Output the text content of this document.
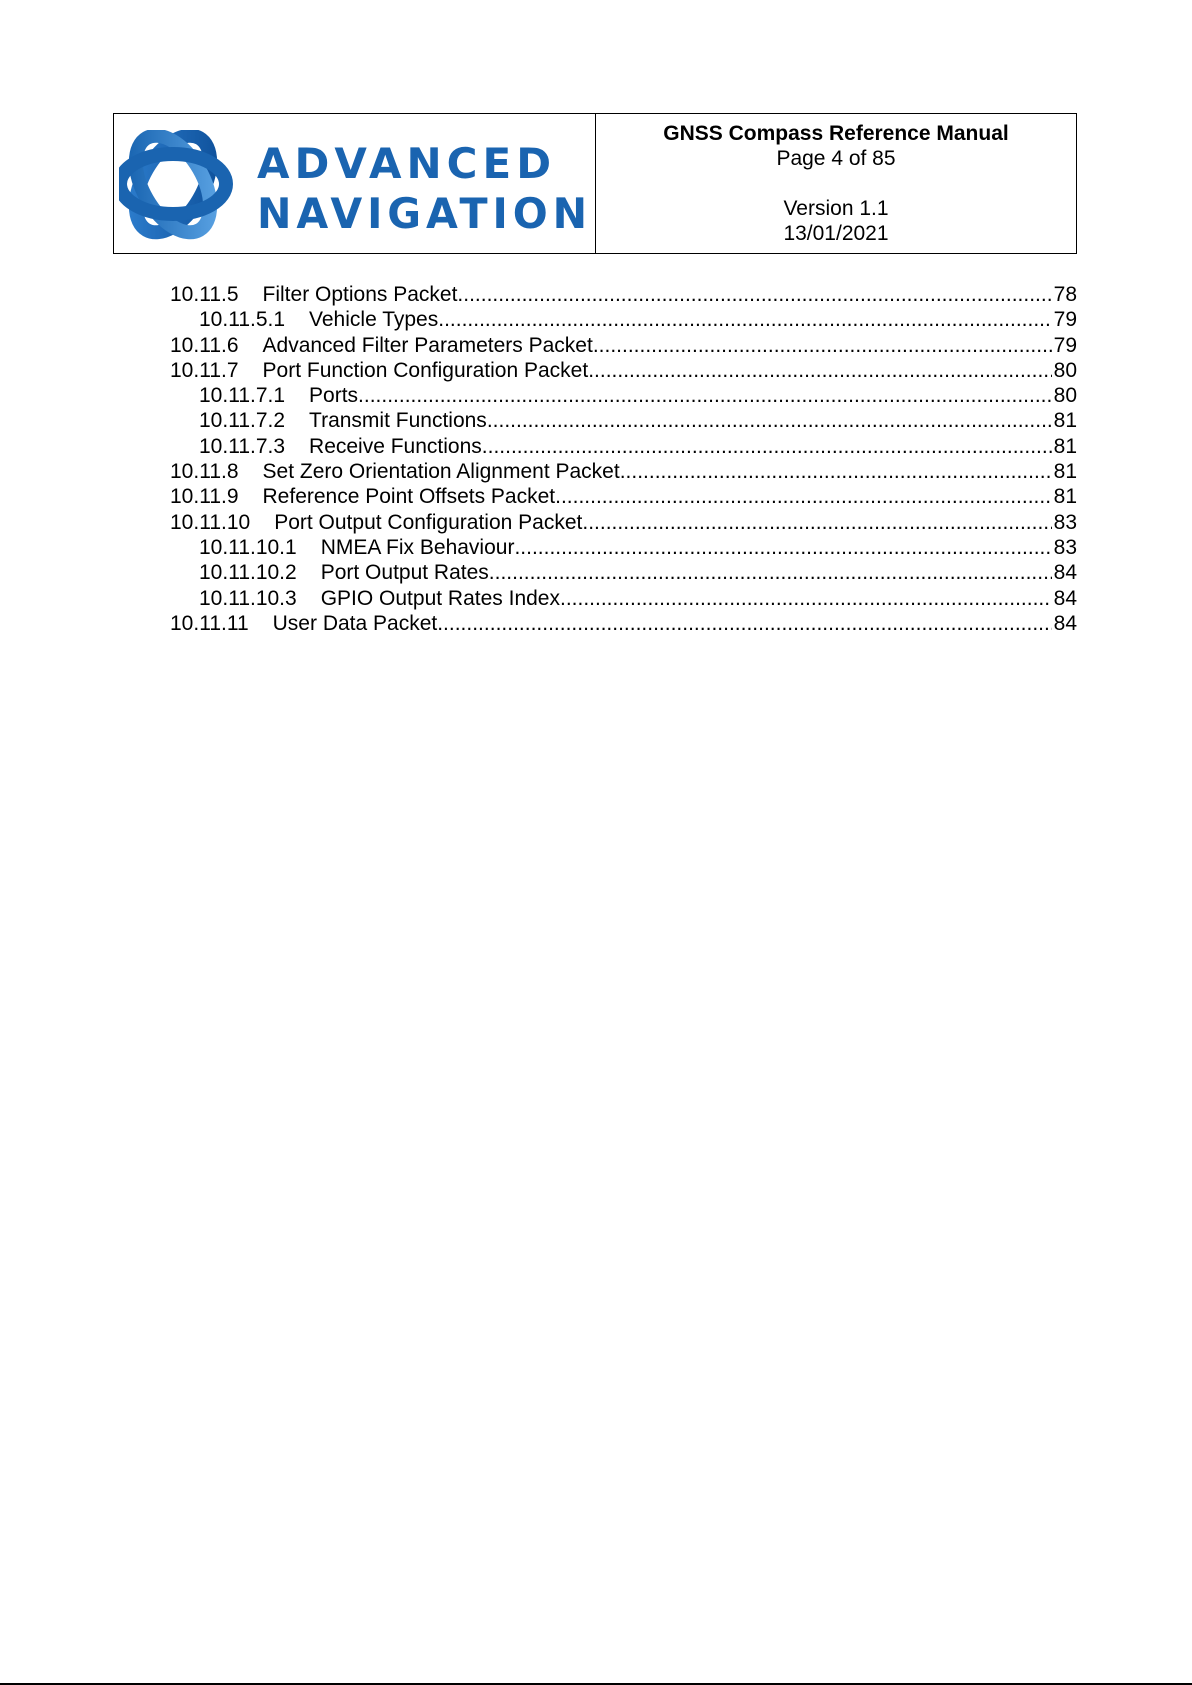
ADVANCED
NAVIGATION
GNSS Compass Reference Manual
Page 4 of 85
Version 1.1
13/01/2021
10.11.5 Filter Options Packet .....	78
10.11.5.1 Vehicle Types .....	79
10.11.6 Advanced Filter Parameters Packet .....	79
10.11.7 Port Function Configuration Packet .....	80
10.11.7.1 Ports .....	80
10.11.7.2 Transmit Functions .....	81
10.11.7.3 Receive Functions .....	81
10.11.8 Set Zero Orientation Alignment Packet .....	81
10.11.9 Reference Point Offsets Packet .....	81
10.11.10 Port Output Configuration Packet .....	83
10.11.10.1 NMEA Fix Behaviour .....	83
10.11.10.2 Port Output Rates .....	84
10.11.10.3 GPIO Output Rates Index .....	84
10.11.11 User Data Packet .....	84
